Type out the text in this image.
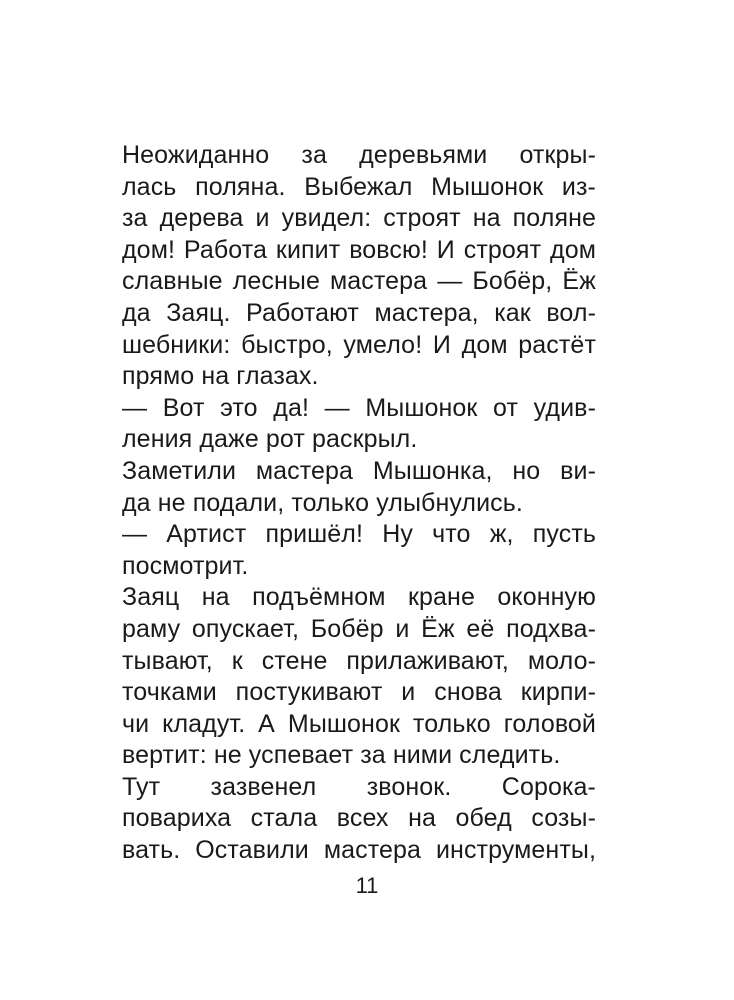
Неожиданно за деревьями откры-
лась поляна. Выбежал Мышонок из-
за дерева и увидел: строят на поляне
дом! Работа кипит вовсю! И строят дом
славные лесные мастера — Бобёр, Ёж
да Заяц. Работают мастера, как вол-
шебники: быстро, умело! И дом растёт
прямо на глазах.
— Вот это да! — Мышонок от удив-
ления даже рот раскрыл.
Заметили мастера Мышонка, но ви-
да не подали, только улыбнулись.
— Артист пришёл! Ну что ж, пусть
посмотрит.
Заяц на подъёмном кране оконную
раму опускает, Бобёр и Ёж её подхва-
тывают, к стене прилаживают, моло-
точками постукивают и снова кирпи-
чи кладут. А Мышонок только головой
вертит: не успевает за ними следить.
Тут зазвенел звонок. Сорока-
повариха стала всех на обед созы-
вать. Оставили мастера инструменты,
11
